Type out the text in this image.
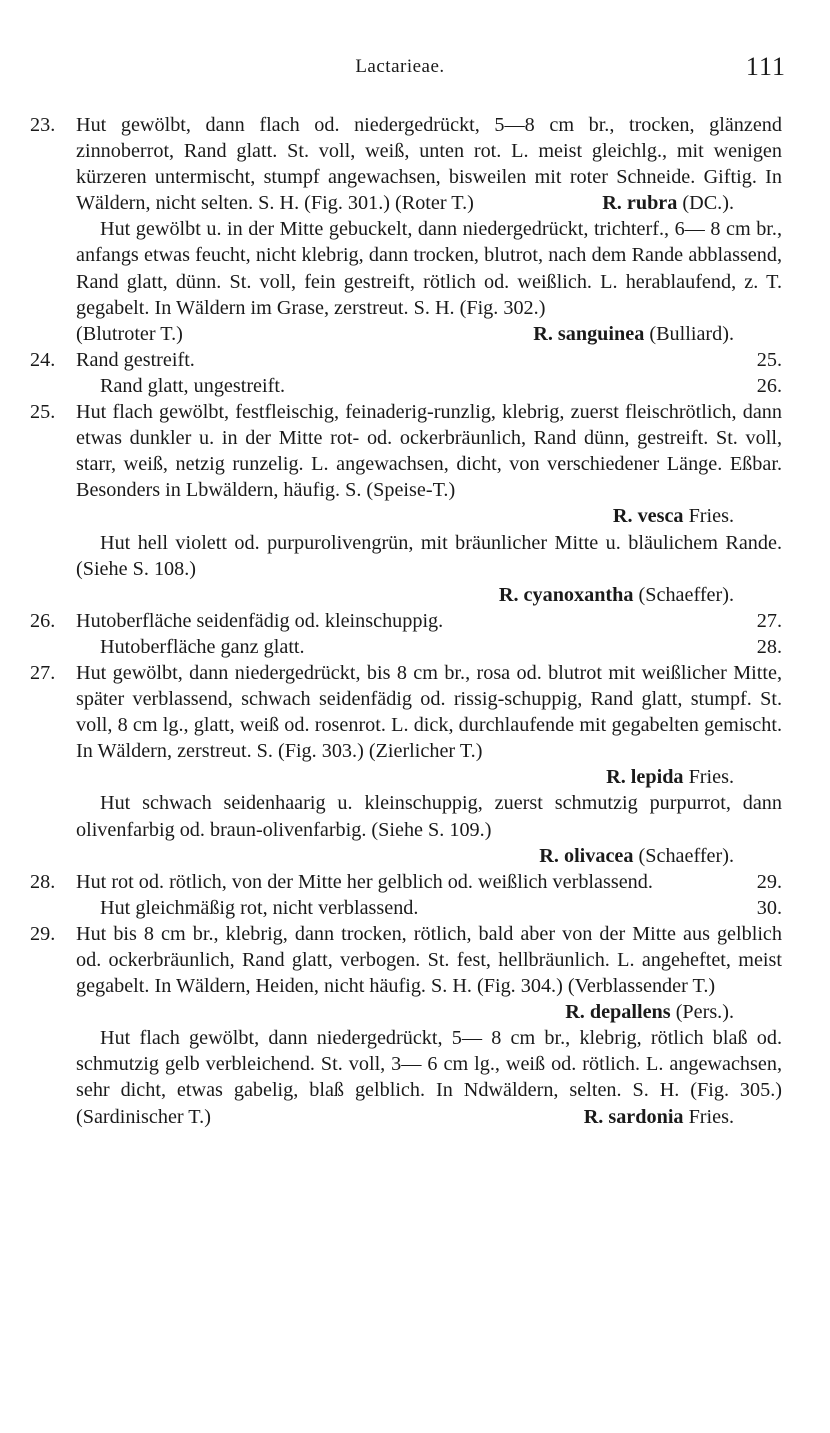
Lactarieae.	111
23. Hut gewölbt, dann flach od. niedergedrückt, 5—8 cm br., trocken, glänzend zinnoberrot, Rand glatt. St. voll, weiß, unten rot. L. meist gleichlg., mit wenigen kürzeren untermischt, stumpf angewachsen, bisweilen mit roter Schneide. Giftig. In Wäldern, nicht selten. S. H. (Fig. 301.) (Roter T.)	R. rubra (DC.).
Hut gewölbt u. in der Mitte gebuckelt, dann niedergedrückt, trichterf., 6— 8 cm br., anfangs etwas feucht, nicht klebrig, dann trocken, blutrot, nach dem Rande abblassend, Rand glatt, dünn. St. voll, fein gestreift, rötlich od. weißlich. L. herablaufend, z. T. gegabelt. In Wäldern im Grase, zerstreut. S. H. (Fig. 302.)
(Blutroter T.)	R. sanguinea (Bulliard).
24. Rand gestreift.	25.
Rand glatt, ungestreift.	26.
25. Hut flach gewölbt, festfleischig, feinaderig-runzlig, klebrig, zuerst fleischrötlich, dann etwas dunkler u. in der Mitte rot- od. ockerbräunlich, Rand dünn, gestreift. St. voll, starr, weiß, netzig runzelig. L. angewachsen, dicht, von verschiedener Länge. Eßbar. Besonders in Lbwäldern, häufig. S. (Speise-T.)
R. vesca Fries.
Hut hell violett od. purpurolivengrün, mit bräunlicher Mitte u. bläulichem Rande. (Siehe S. 108.)
R. cyanoxantha (Schaeffer).
26. Hutoberfläche seidenfädig od. kleinschuppig.	27.
Hutoberfläche ganz glatt.	28.
27. Hut gewölbt, dann niedergedrückt, bis 8 cm br., rosa od. blutrot mit weißlicher Mitte, später verblassend, schwach seidenfädig od. rissig-schuppig, Rand glatt, stumpf. St. voll, 8 cm lg., glatt, weiß od. rosenrot. L. dick, durchlaufende mit gegabelten gemischt. In Wäldern, zerstreut. S. (Fig. 303.) (Zierlicher T.)
R. lepida Fries.
Hut schwach seidenhaarig u. kleinschuppig, zuerst schmutzig purpurrot, dann olivenfarbig od. braun-olivenfarbig. (Siehe S. 109.)
R. olivacea (Schaeffer).
28. Hut rot od. rötlich, von der Mitte her gelblich od. weißlich verblassend.	29.
Hut gleichmäßig rot, nicht verblassend.	30.
29. Hut bis 8 cm br., klebrig, dann trocken, rötlich, bald aber von der Mitte aus gelblich od. ockerbräunlich, Rand glatt, verbogen. St. fest, hellbräunlich. L. angeheftet, meist gegabelt. In Wäldern, Heiden, nicht häufig. S. H. (Fig. 304.) (Verblassender T.)
R. depallens (Pers.).
Hut flach gewölbt, dann niedergedrückt, 5— 8 cm br., klebrig, rötlich blaß od. schmutzig gelb verbleichend. St. voll, 3— 6 cm lg., weiß od. rötlich. L. angewachsen, sehr dicht, etwas gabelig, blaß gelblich. In Ndwäldern, selten. S. H. (Fig. 305.) (Sardinischer T.)	R. sardonia Fries.
